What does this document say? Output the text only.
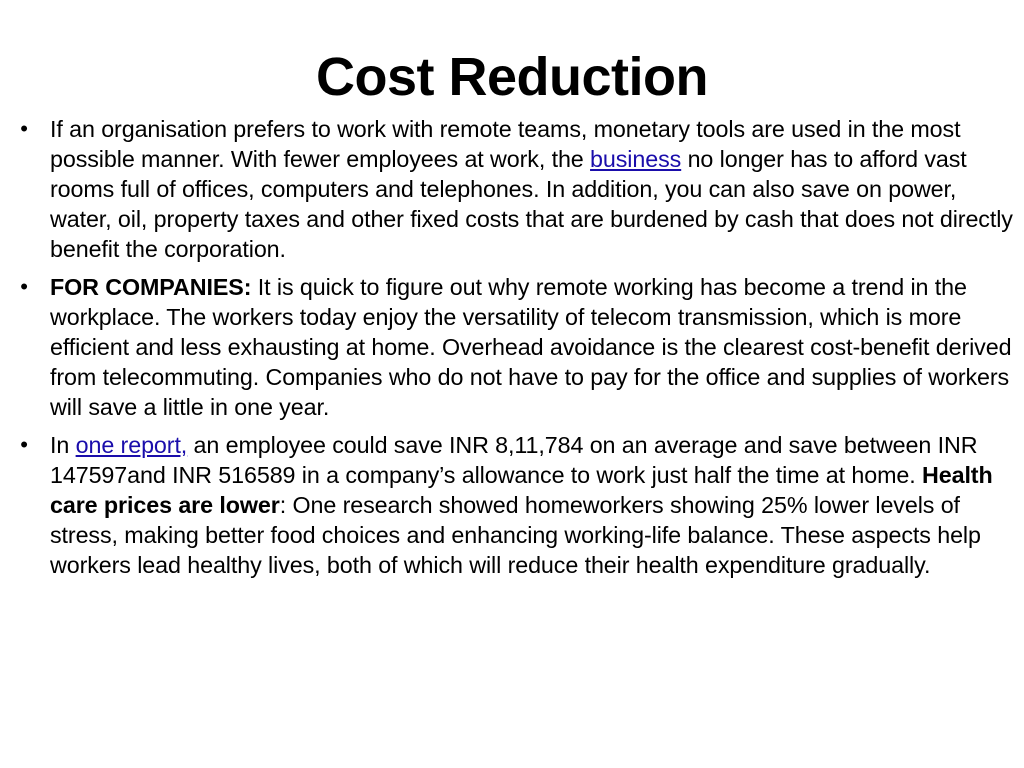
Cost Reduction
• If an organisation prefers to work with remote teams, monetary tools are used in the most possible manner. With fewer employees at work, the business no longer has to afford vast rooms full of offices, computers and telephones. In addition, you can also save on power, water, oil, property taxes and other fixed costs that are burdened by cash that does not directly benefit the corporation.
• FOR COMPANIES: It is quick to figure out why remote working has become a trend in the workplace. The workers today enjoy the versatility of telecom transmission, which is more efficient and less exhausting at home. Overhead avoidance is the clearest cost-benefit derived from telecommuting. Companies who do not have to pay for the office and supplies of workers will save a little in one year.
• In one report, an employee could save INR 8,11,784 on an average and save between INR 147597and INR 516589 in a company’s allowance to work just half the time at home. Health care prices are lower: One research showed homeworkers showing 25% lower levels of stress, making better food choices and enhancing working-life balance. These aspects help workers lead healthy lives, both of which will reduce their health expenditure gradually.
